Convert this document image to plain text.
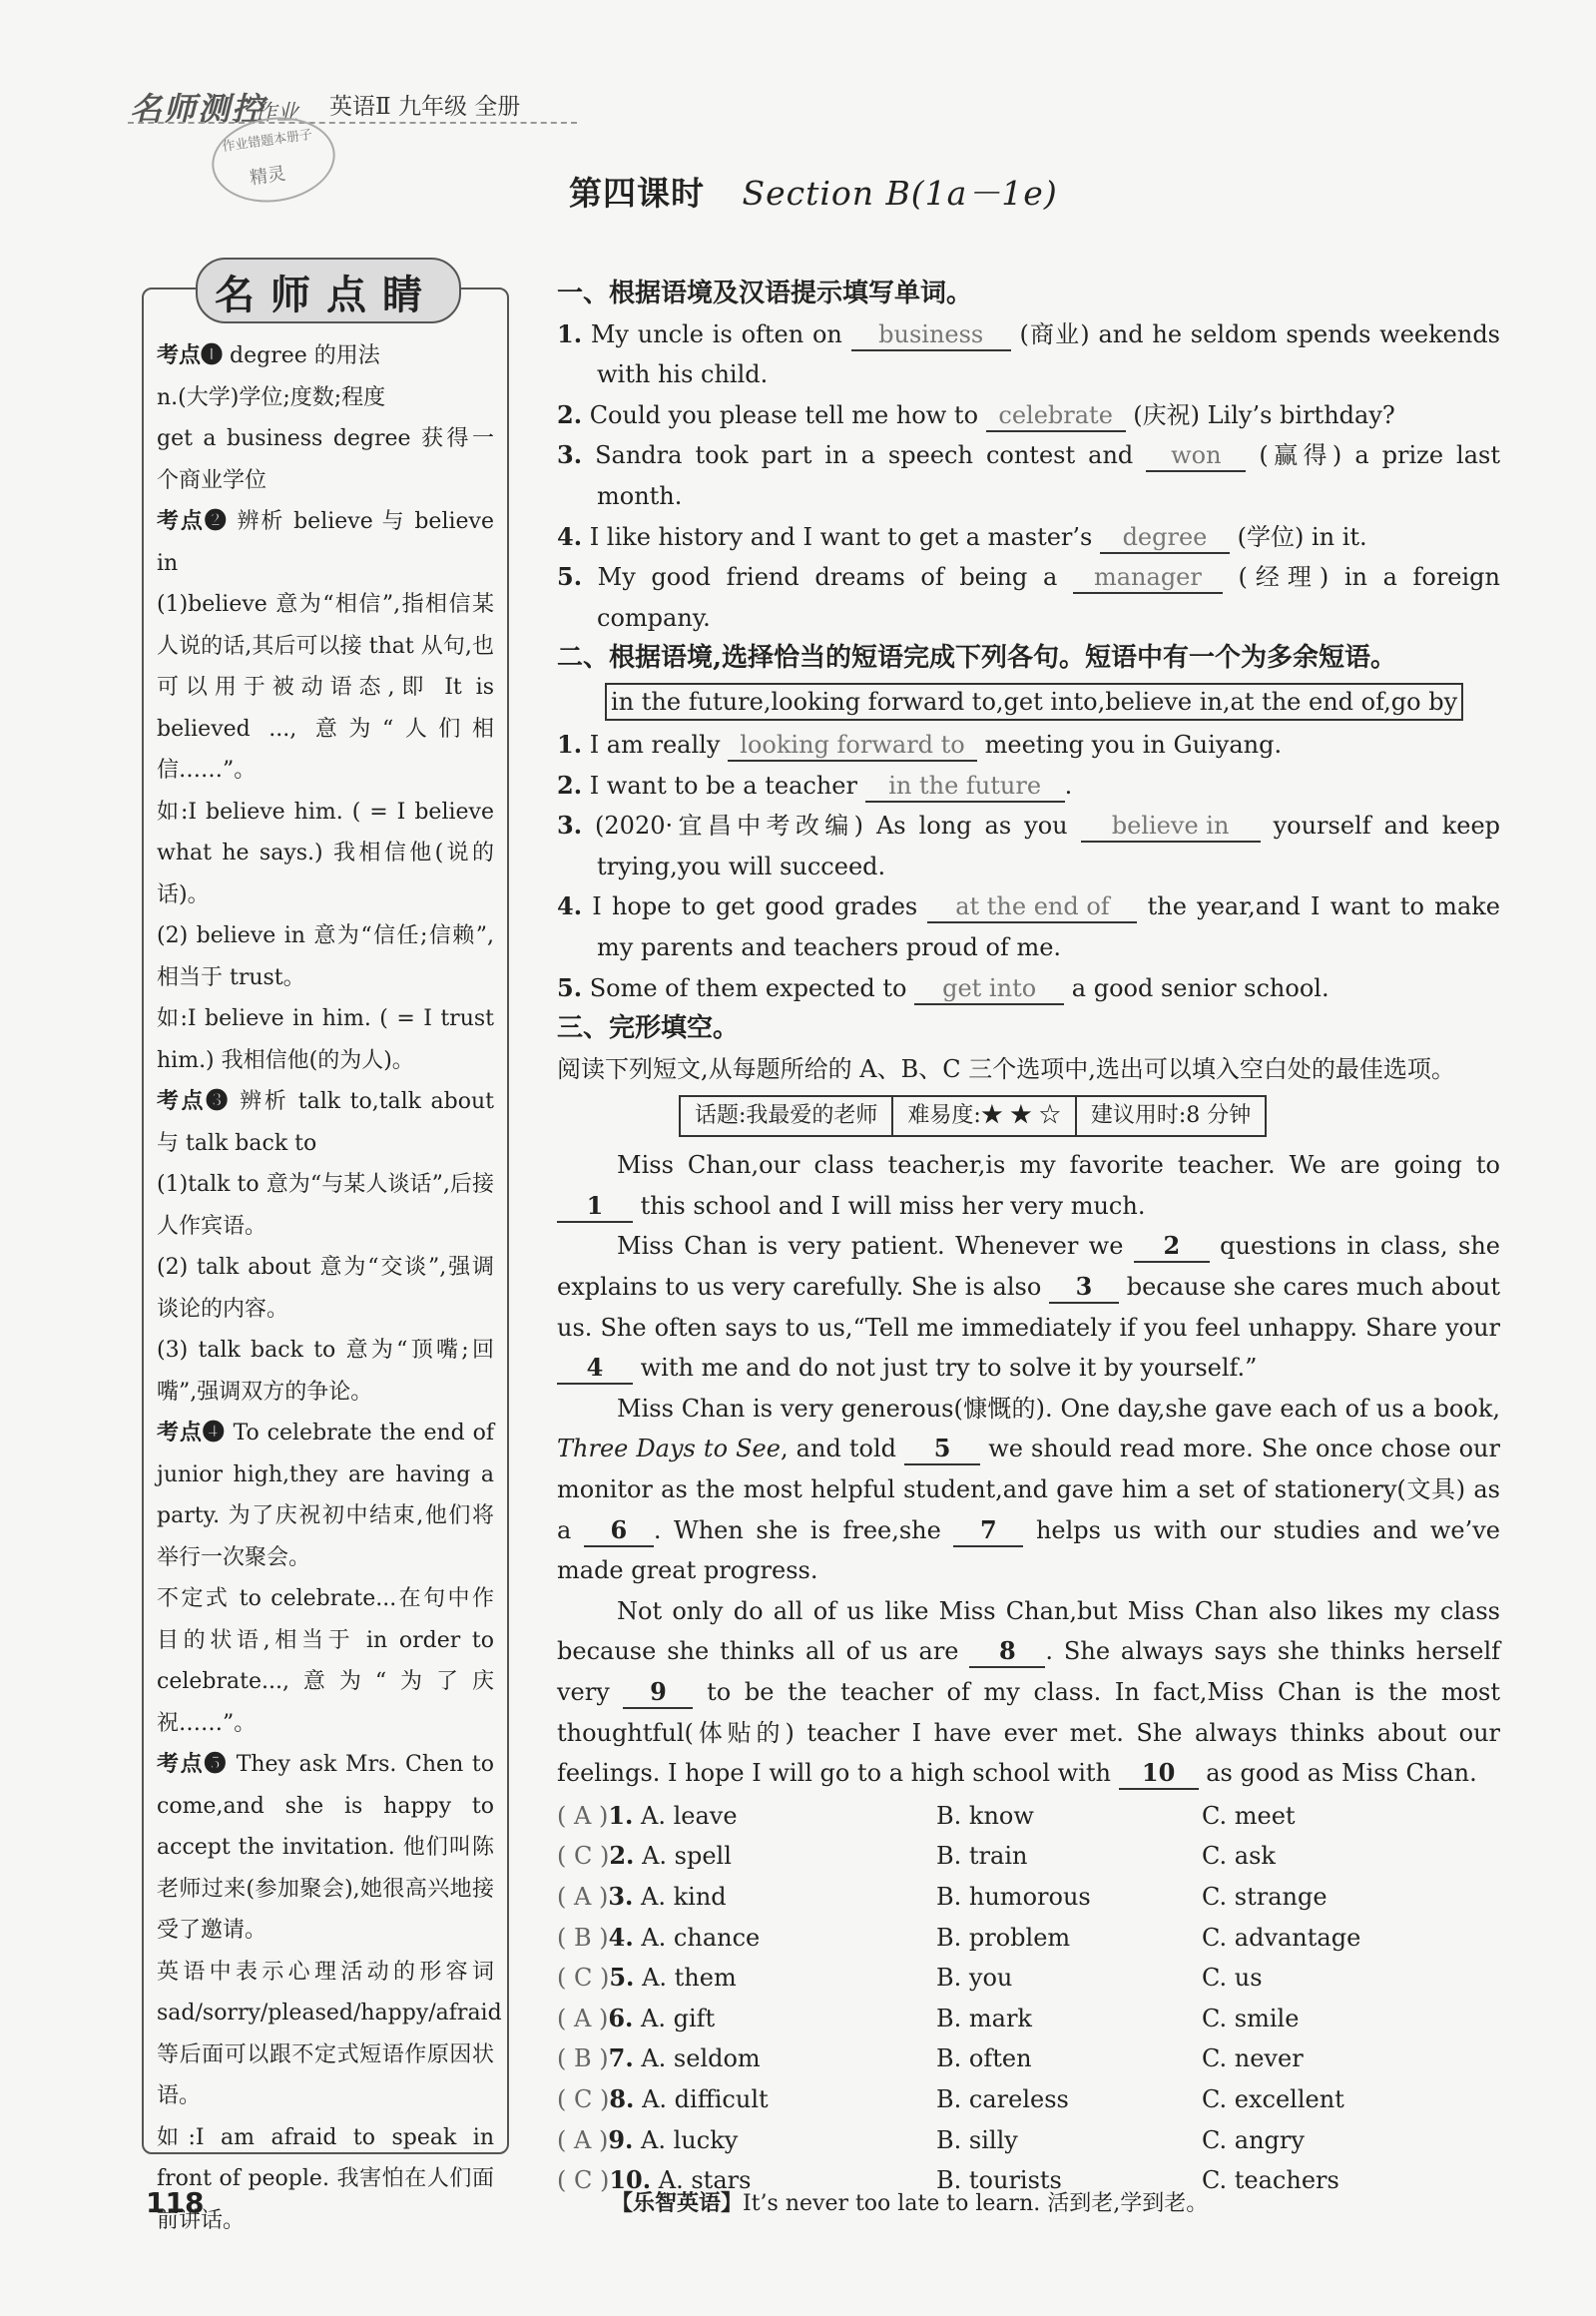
名师测控
作业 英语Ⅱ 九年级 全册
作业错题本册子
精灵	第四课时 Section B(1a－1e)
名师点睛

考点❶ degree 的用法

n.(大学)学位;度数;程度

get a business degree 获得一个商业学位

考点❷ 辨析 believe 与 believe in

(1)believe 意为“相信”,指相信某人说的话,其后可以接 that 从句,也可以用于被动语态,即 It is believed ..., 意为“人们相信……”。

如:I believe him. ( = I believe what he says.) 我相信他(说的话)。

(2) believe in 意为“信任;信赖”,相当于 trust。

如:I believe in him. ( = I trust him.) 我相信他(的为人)。

考点❸ 辨析 talk to,talk about 与 talk back to

(1)talk to 意为“与某人谈话”,后接人作宾语。

(2) talk about 意为“交谈”,强调谈论的内容。

(3) talk back to 意为“顶嘴;回嘴”,强调双方的争论。

考点❹ To celebrate the end of junior high,they are having a party. 为了庆祝初中结束,他们将举行一次聚会。

不定式 to celebrate...在句中作目的状语,相当于 in order to celebrate...,意为“为了庆祝……”。

考点❺ They ask Mrs. Chen to come,and she is happy to accept the invitation. 他们叫陈老师过来(参加聚会),她很高兴地接受了邀请。

英语中表示心理活动的形容词 sad/sorry/pleased/happy/afraid 等后面可以跟不定式短语作原因状语。

如:I am afraid to speak in front of people. 我害怕在人们面前讲话。

一、根据语境及汉语提示填写单词。

1. My uncle is often on business (商业) and he seldom spends weekends with his child.

2. Could you please tell me how to celebrate (庆祝) Lily’s birthday?

3. Sandra took part in a speech contest and won (赢得) a prize last month.

4. I like history and I want to get a master’s degree (学位) in it.

5. My good friend dreams of being a manager (经理) in a foreign company.

二、根据语境,选择恰当的短语完成下列各句。短语中有一个为多余短语。

in the future,looking forward to,get into,believe in,at the end of,go by

1. I am really looking forward to meeting you in Guiyang.

2. I want to be a teacher in the future .

3. (2020·宜昌中考改编) As long as you believe in yourself and keep trying,you will succeed.

4. I hope to get good grades at the end of the year,and I want to make my parents and teachers proud of me.

5. Some of them expected to get into a good senior school.

三、完形填空。

阅读下列短文,从每题所给的 A、B、C 三个选项中,选出可以填入空白处的最佳选项。

话题:我最爱的老师	难易度:★ ★ ☆	建议用时:8 分钟

Miss Chan,our class teacher,is my favorite teacher. We are going to 1 this school and I will miss her very much.

Miss Chan is very patient. Whenever we 2 questions in class, she explains to us very carefully. She is also 3 because she cares much about us. She often says to us,“Tell me immediately if you feel unhappy. Share your 4 with me and do not just try to solve it by yourself.”

Miss Chan is very generous(慷慨的). One day,she gave each of us a book, Three Days to See, and told 5 we should read more. She once chose our monitor as the most helpful student,and gave him a set of stationery(文具) as a 6 . When she is free,she 7 helps us with our studies and we’ve made great progress.

Not only do all of us like Miss Chan,but Miss Chan also likes my class because she thinks all of us are 8 . She always says she thinks herself very 9 to be the teacher of my class. In fact,Miss Chan is the most thoughtful(体贴的) teacher I have ever met. She always thinks about our feelings. I hope I will go to a high school with 10 as good as Miss Chan.

( A )1. A. leave	B. know	C. meet
( C )2. A. spell	B. train	C. ask
( A )3. A. kind	B. humorous	C. strange
( B )4. A. chance	B. problem	C. advantage
( C )5. A. them	B. you	C. us
( A )6. A. gift	B. mark	C. smile
( B )7. A. seldom	B. often	C. never
( C )8. A. difficult	B. careless	C. excellent
( A )9. A. lucky	B. silly	C. angry
( C )10. A. stars	B. tourists	C. teachers
118	【乐智英语】It’s never too late to learn. 活到老,学到老。
